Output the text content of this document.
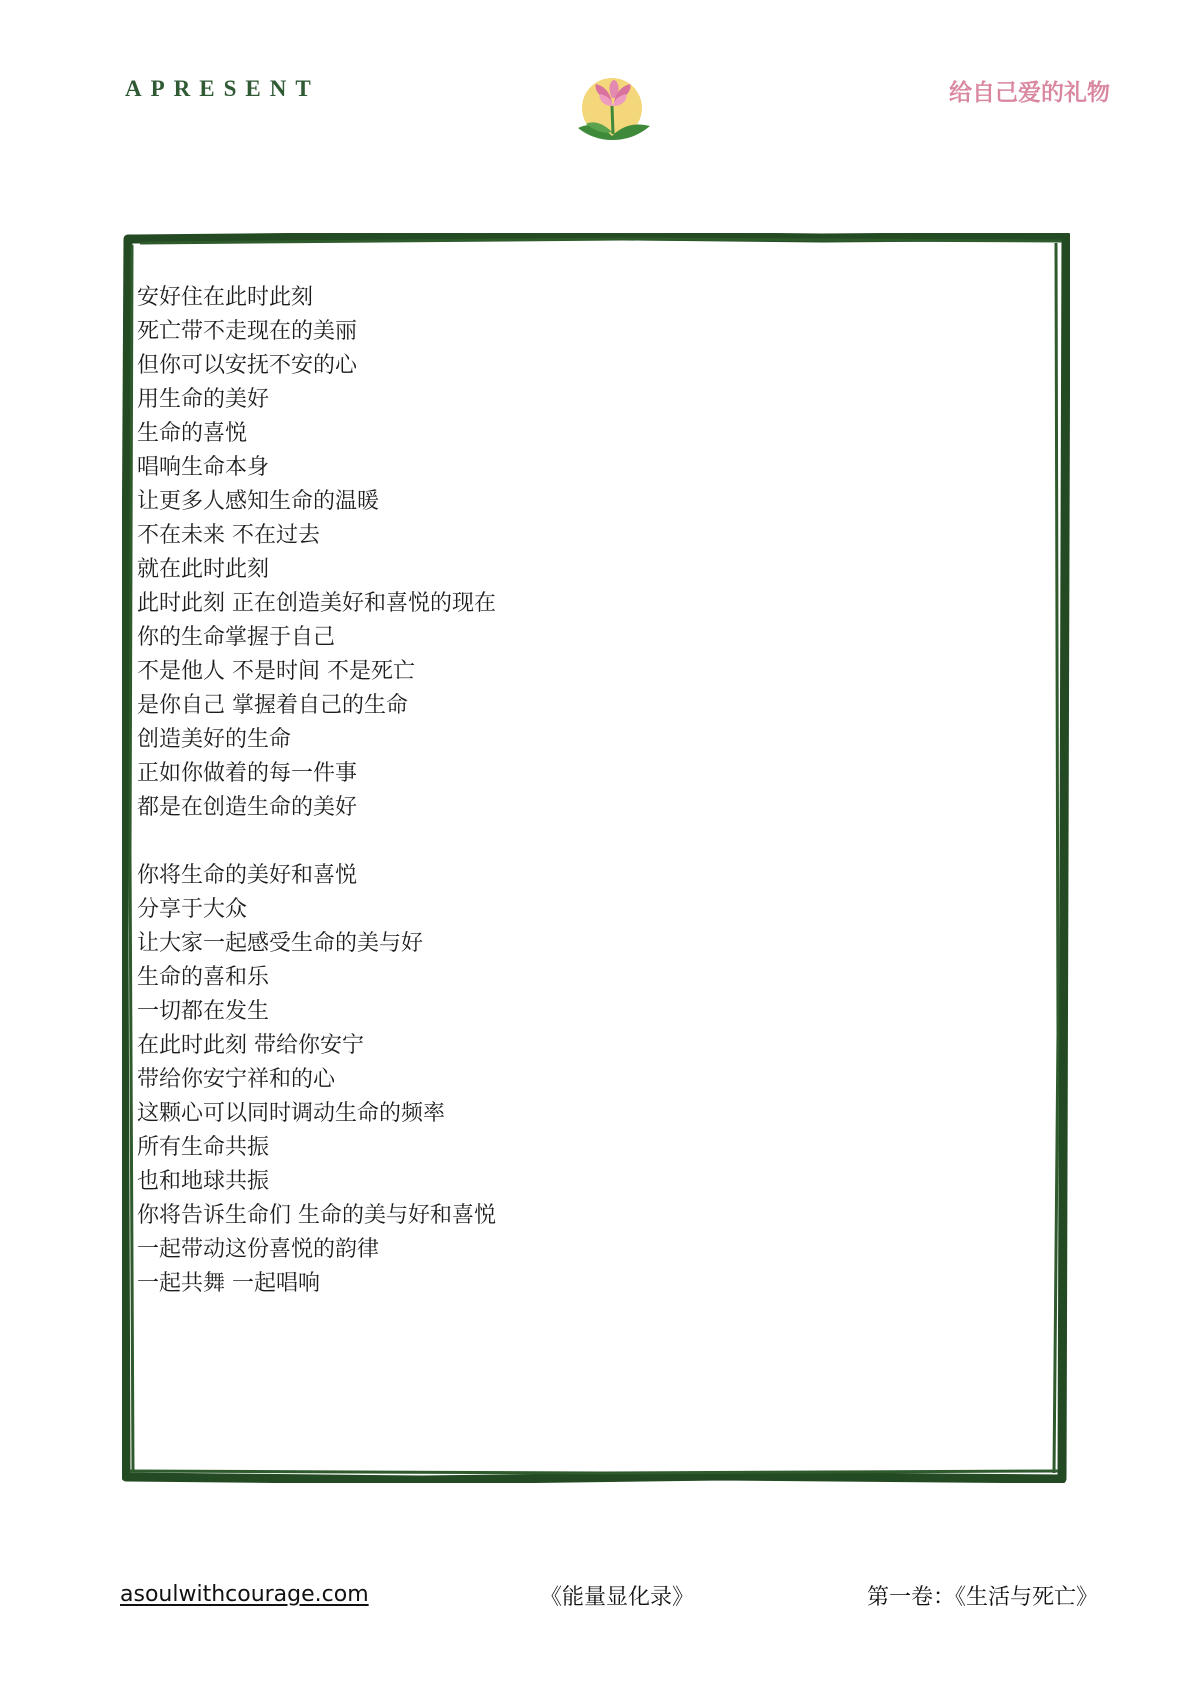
APRESENT	给自己爱的礼物
安好住在此时此刻
死亡带不走现在的美丽
但你可以安抚不安的心
用生命的美好
生命的喜悦
唱响生命本身
让更多人感知生命的温暖
不在未来 不在过去
就在此时此刻
此时此刻 正在创造美好和喜悦的现在
你的生命掌握于自己
不是他人 不是时间 不是死亡
是你自己 掌握着自己的生命
创造美好的生命
正如你做着的每一件事
都是在创造生命的美好
你将生命的美好和喜悦
分享于大众
让大家一起感受生命的美与好
生命的喜和乐
一切都在发生
在此时此刻 带给你安宁
带给你安宁祥和的心
这颗心可以同时调动生命的频率
所有生命共振
也和地球共振
你将告诉生命们 生命的美与好和喜悦
一起带动这份喜悦的韵律
一起共舞 一起唱响
asoulwithcourage.com	《能量显化录》	第一卷：《生活与死亡》
